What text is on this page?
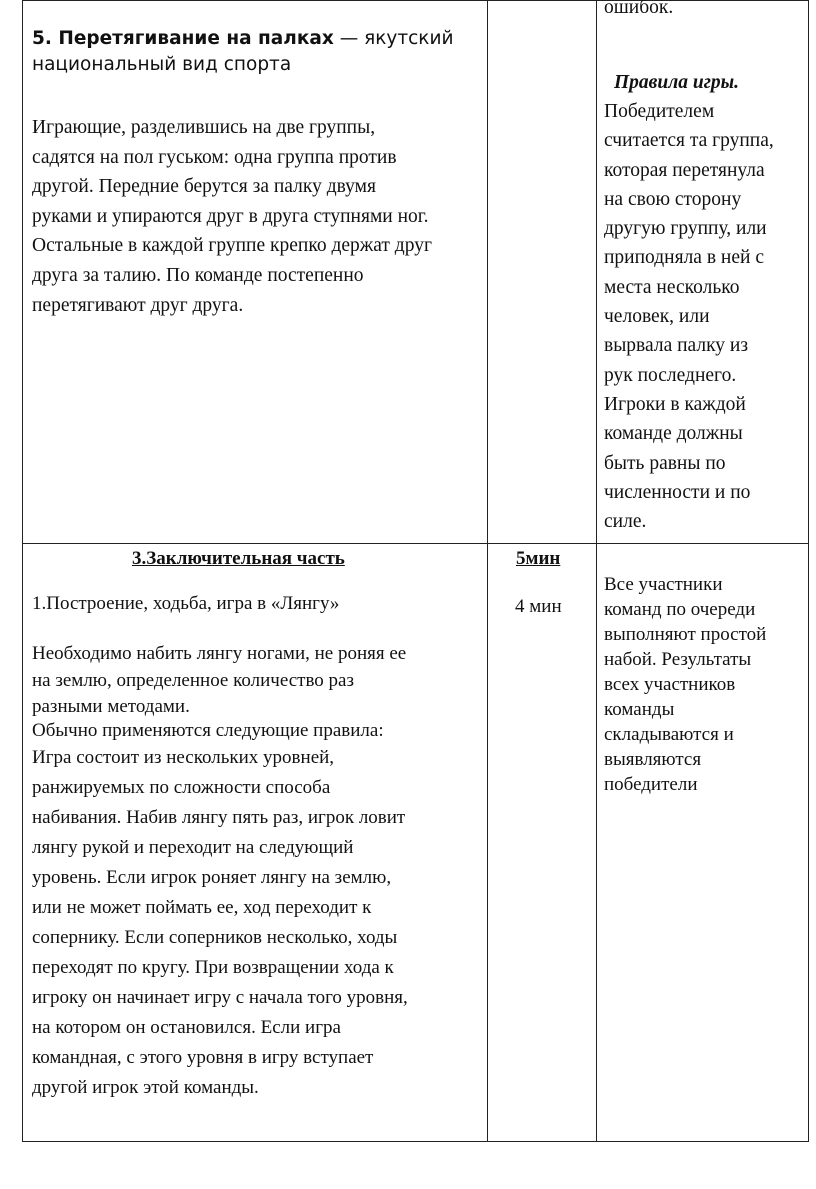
5. Перетягивание на палках — якутский
национальный вид спорта
Играющие, разделившись на две группы,
садятся на пол гуськом: одна группа против
другой. Передние берутся за палку двумя
руками и упираются друг в друга ступнями ног.
Остальные в каждой группе крепко держат друг
друга за талию. По команде постепенно
перетягивают друг друга.
ошибок.
Правила игры.
Победителем
считается та группа,
которая перетянула
на свою сторону
другую группу, или
приподняла в ней с
места несколько
человек, или
вырвала палку из
рук последнего.
Игроки в каждой
команде должны
быть равны по
численности и по
силе.
3.Заключительная часть
1.Построение, ходьба, игра в «Лянгу»
Необходимо набить лянгу ногами, не роняя ее
на землю, определенное количество раз
разными методами.
Обычно применяются следующие правила:
Игра состоит из нескольких уровней,
ранжируемых по сложности способа
набивания. Набив лянгу пять раз, игрок ловит
лянгу рукой и переходит на следующий
уровень. Если игрок роняет лянгу на землю,
или не может поймать ее, ход переходит к
сопернику. Если соперников несколько, ходы
переходят по кругу. При возвращении хода к
игроку он начинает игру с начала того уровня,
на котором он остановился. Если игра
командная, с этого уровня в игру вступает
другой игрок этой команды.
5мин
4 мин
Все участники
команд по очереди
выполняют простой
набой. Результаты
всех участников
команды
складываются и
выявляются
победители
